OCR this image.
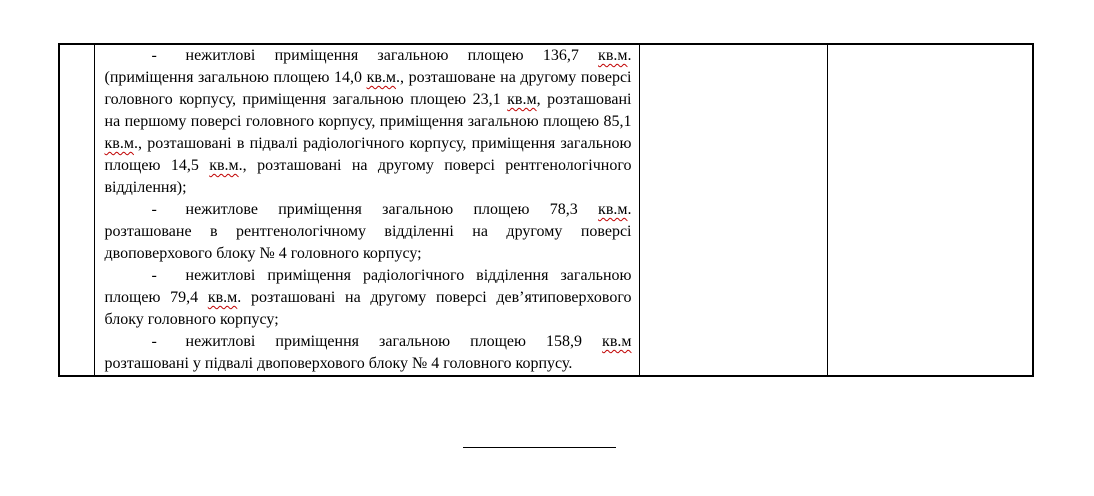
- нежитлові приміщення загальною площею 136,7 кв.м. (приміщення загальною площею 14,0 кв.м., розташоване на другому поверсі головного корпусу, приміщення загальною площею 23,1 кв.м, розташовані на першому поверсі головного корпусу, приміщення загальною площею 85,1 кв.м., розташовані в підвалі радіологічного корпусу, приміщення загальною площею 14,5 кв.м., розташовані на другому поверсі рентгенологічного відділення);

- нежитлове приміщення загальною площею 78,3 кв.м. розташоване в рентгенологічному відділенні на другому поверсі двоповерхового блоку № 4 головного корпусу;

- нежитлові приміщення радіологічного відділення загальною площею 79,4 кв.м. розташовані на другому поверсі дев’ятиповерхового блоку головного корпусу;

- нежитлові приміщення загальною площею 158,9 кв.м розташовані у підвалі двоповерхового блоку № 4 головного корпусу.
